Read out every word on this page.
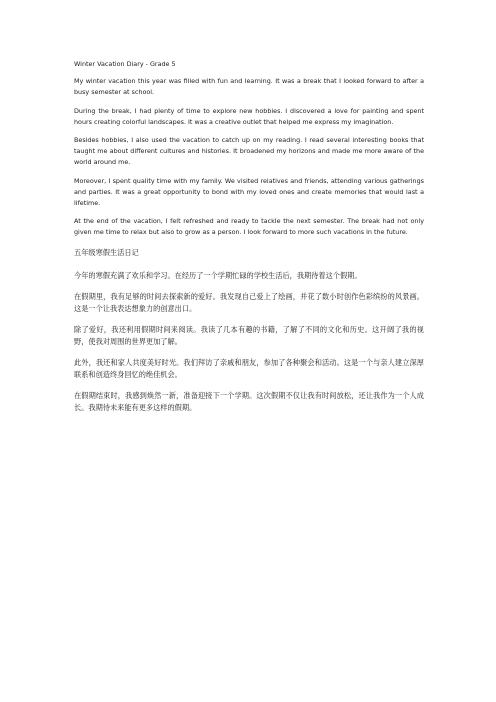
Winter Vacation Diary - Grade 5

My winter vacation this year was filled with fun and learning. It was a break that I looked forward to after a busy semester at school.

During the break, I had plenty of time to explore new hobbies. I discovered a love for painting and spent hours creating colorful landscapes. It was a creative outlet that helped me express my imagination.

Besides hobbies, I also used the vacation to catch up on my reading. I read several interesting books that taught me about different cultures and histories. It broadened my horizons and made me more aware of the world around me.

Moreover, I spent quality time with my family. We visited relatives and friends, attending various gatherings and parties. It was a great opportunity to bond with my loved ones and create memories that would last a lifetime.

At the end of the vacation, I felt refreshed and ready to tackle the next semester. The break had not only given me time to relax but also to grow as a person. I look forward to more such vacations in the future.

五年级寒假生活日记

今年的寒假充满了欢乐和学习。在经历了一个学期忙碌的学校生活后，我期待着这个假期。

在假期里，我有足够的时间去探索新的爱好。我发现自己爱上了绘画，并花了数小时创作色彩缤纷的风景画。这是一个让我表达想象力的创意出口。

除了爱好，我还利用假期时间来阅读。我读了几本有趣的书籍，了解了不同的文化和历史。这开阔了我的视野，使我对周围的世界更加了解。

此外，我还和家人共度美好时光。我们拜访了亲戚和朋友，参加了各种聚会和活动。这是一个与亲人建立深厚联系和创造终身回忆的绝佳机会。

在假期结束时，我感到焕然一新，准备迎接下一个学期。这次假期不仅让我有时间放松，还让我作为一个人成长。我期待未来能有更多这样的假期。
